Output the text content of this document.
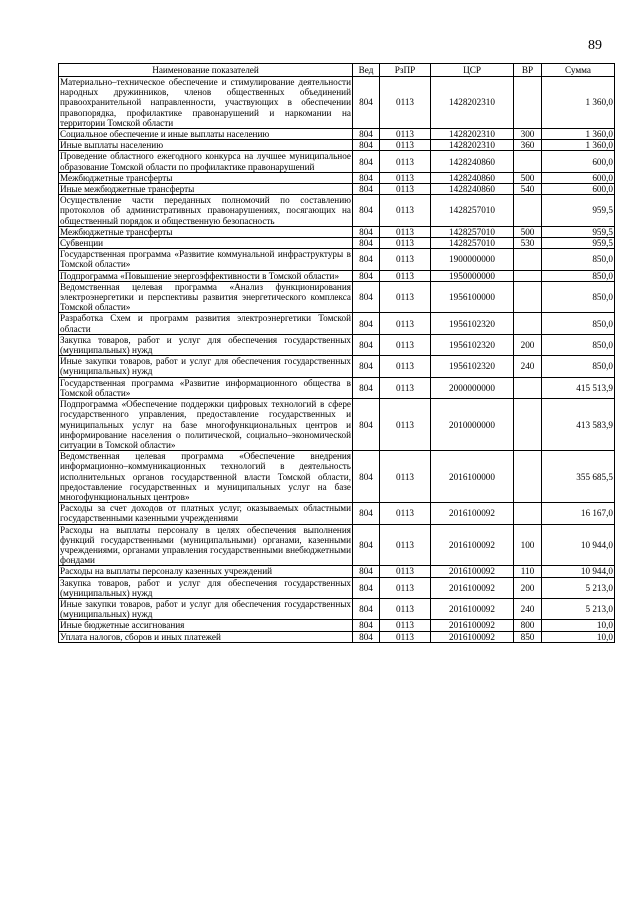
89
Наименование показателей	Вед	РзПР	ЦСР	ВР	Сумма
Материально–техническое обеспечение и стимулирование деятельности народных дружинников, членов общественных объединений правоохранительной направленности, участвующих в обеспечении правопорядка, профилактике правонарушений и наркомании на территории Томской области	804	0113	1428202310		1 360,0
Социальное обеспечение и иные выплаты населению	804	0113	1428202310	300	1 360,0
Иные выплаты населению	804	0113	1428202310	360	1 360,0
Проведение областного ежегодного конкурса на лучшее муниципальное образование Томской области по профилактике правонарушений	804	0113	1428240860		600,0
Межбюджетные трансферты	804	0113	1428240860	500	600,0
Иные межбюджетные трансферты	804	0113	1428240860	540	600,0
Осуществление части переданных полномочий по составлению протоколов об административных правонарушениях, посягающих на общественный порядок и общественную безопасность	804	0113	1428257010		959,5
Межбюджетные трансферты	804	0113	1428257010	500	959,5
Субвенции	804	0113	1428257010	530	959,5
Государственная программа «Развитие коммунальной инфраструктуры в Томской области»	804	0113	1900000000		850,0
Подпрограмма «Повышение энергоэффективности в Томской области»	804	0113	1950000000		850,0
Ведомственная целевая программа «Анализ функционирования электроэнергетики и перспективы развития энергетического комплекса Томской области»	804	0113	1956100000		850,0
Разработка Схем и программ развития электроэнергетики Томской области	804	0113	1956102320		850,0
Закупка товаров, работ и услуг для обеспечения государственных (муниципальных) нужд	804	0113	1956102320	200	850,0
Иные закупки товаров, работ и услуг для обеспечения государственных (муниципальных) нужд	804	0113	1956102320	240	850,0
Государственная программа «Развитие информационного общества в Томской области»	804	0113	2000000000		415 513,9
Подпрограмма «Обеспечение поддержки цифровых технологий в сфере государственного управления, предоставление государственных и муниципальных услуг на базе многофункциональных центров и информирование населения о политической, социально–экономической ситуации в Томской области»	804	0113	2010000000		413 583,9
Ведомственная целевая программа «Обеспечение внедрения информационно–коммуникационных технологий в деятельность исполнительных органов государственной власти Томской области, предоставление государственных и муниципальных услуг на базе многофункциональных центров»	804	0113	2016100000		355 685,5
Расходы за счет доходов от платных услуг, оказываемых областными государственными казенными учреждениями	804	0113	2016100092		16 167,0
Расходы на выплаты персоналу в целях обеспечения выполнения функций государственными (муниципальными) органами, казенными учреждениями, органами управления государственными внебюджетными фондами	804	0113	2016100092	100	10 944,0
Расходы на выплаты персоналу казенных учреждений	804	0113	2016100092	110	10 944,0
Закупка товаров, работ и услуг для обеспечения государственных (муниципальных) нужд	804	0113	2016100092	200	5 213,0
Иные закупки товаров, работ и услуг для обеспечения государственных (муниципальных) нужд	804	0113	2016100092	240	5 213,0
Иные бюджетные ассигнования	804	0113	2016100092	800	10,0
Уплата налогов, сборов и иных платежей	804	0113	2016100092	850	10,0
